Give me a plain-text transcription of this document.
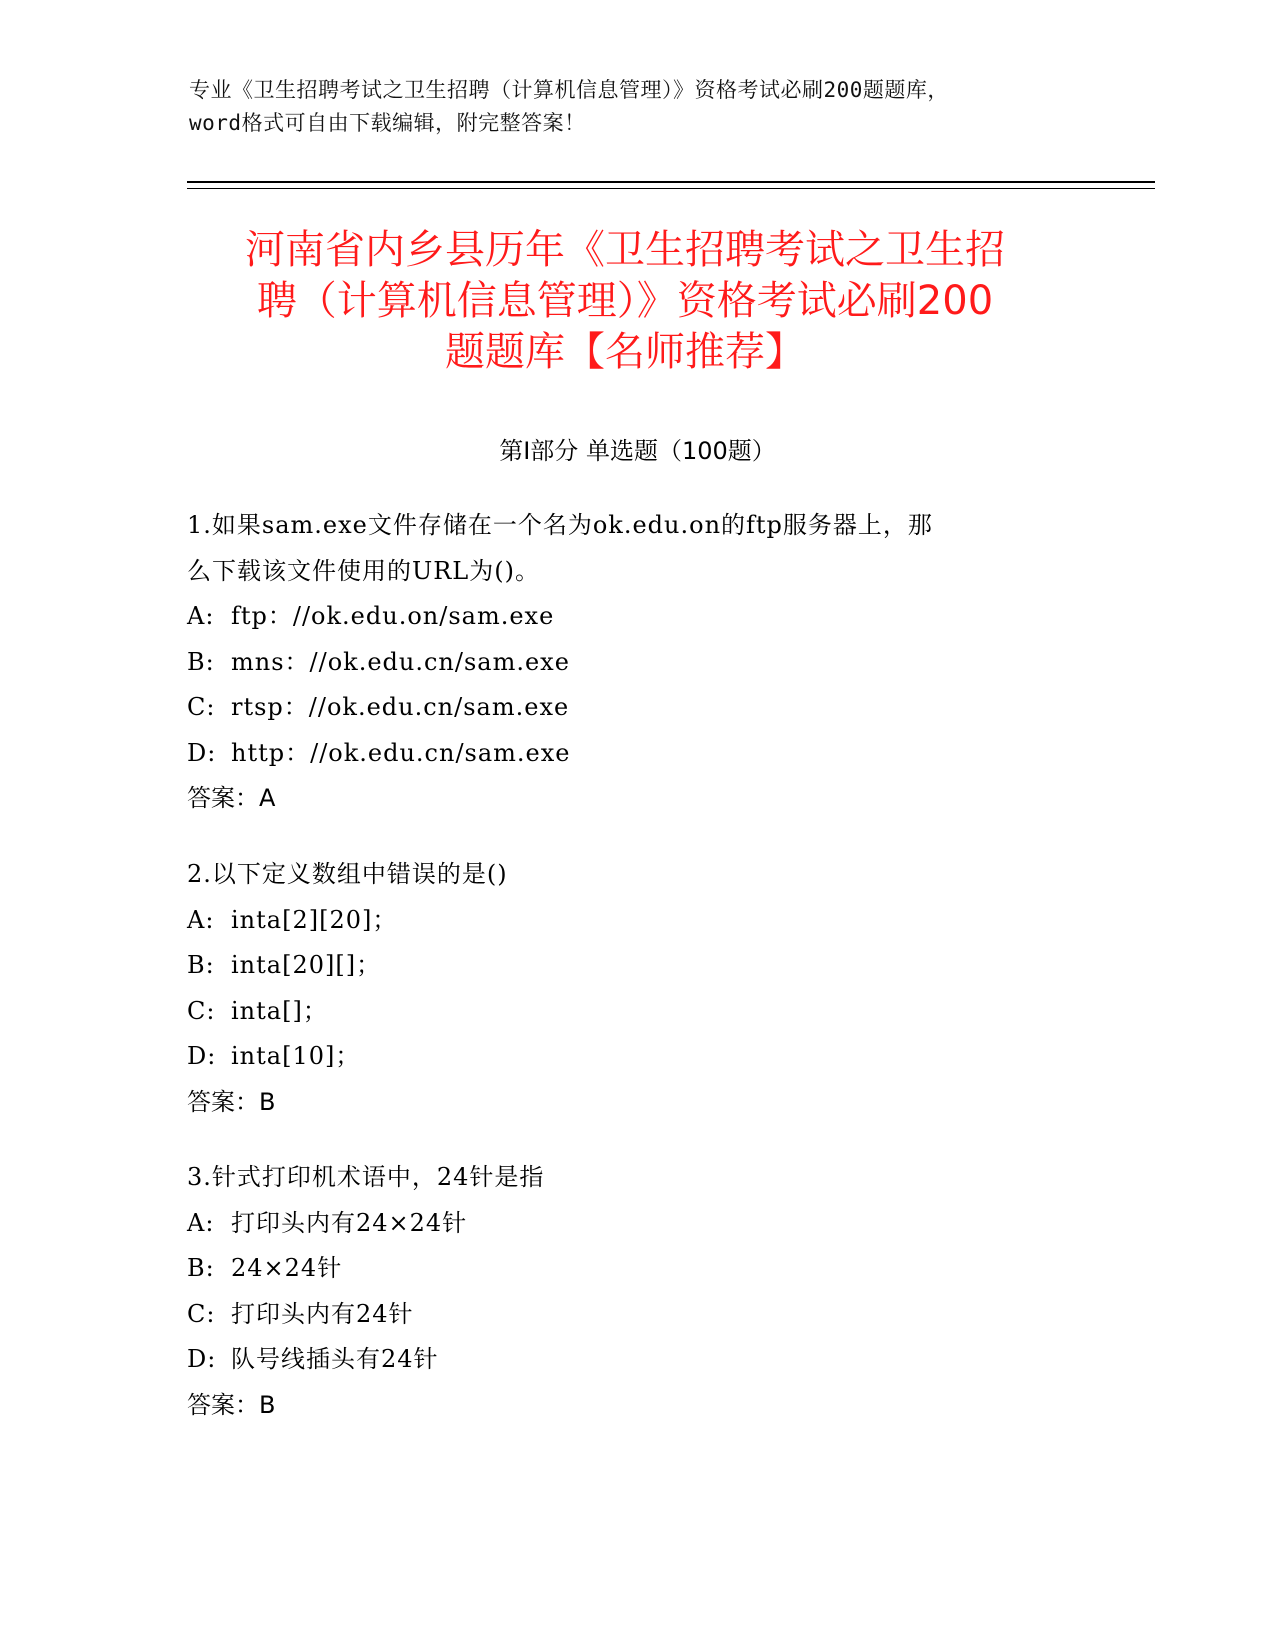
专业《卫生招聘考试之卫生招聘（计算机信息管理）》资格考试必刷200题题库，
word格式可自由下载编辑，附完整答案！
河南省内乡县历年《卫生招聘考试之卫生招
聘（计算机信息管理）》资格考试必刷200
题题库【名师推荐】
第I部分 单选题（100题）
1.如果sam.exe文件存储在一个名为ok.edu.on的ftp服务器上，那
么下载该文件使用的URL为()。
A: ftp：//ok.edu.on/sam.exe
B: mns：//ok.edu.cn/sam.exe
C: rtsp：//ok.edu.cn/sam.exe
D: http：//ok.edu.cn/sam.exe
答案：A
2.以下定义数组中错误的是()
A: inta[2][20]；
B: inta[20][]；
C: inta[]；
D: inta[10]；
答案：B
3.针式打印机术语中，24针是指
A: 打印头内有24×24针
B: 24×24针
C: 打印头内有24针
D: 队号线插头有24针
答案：B
